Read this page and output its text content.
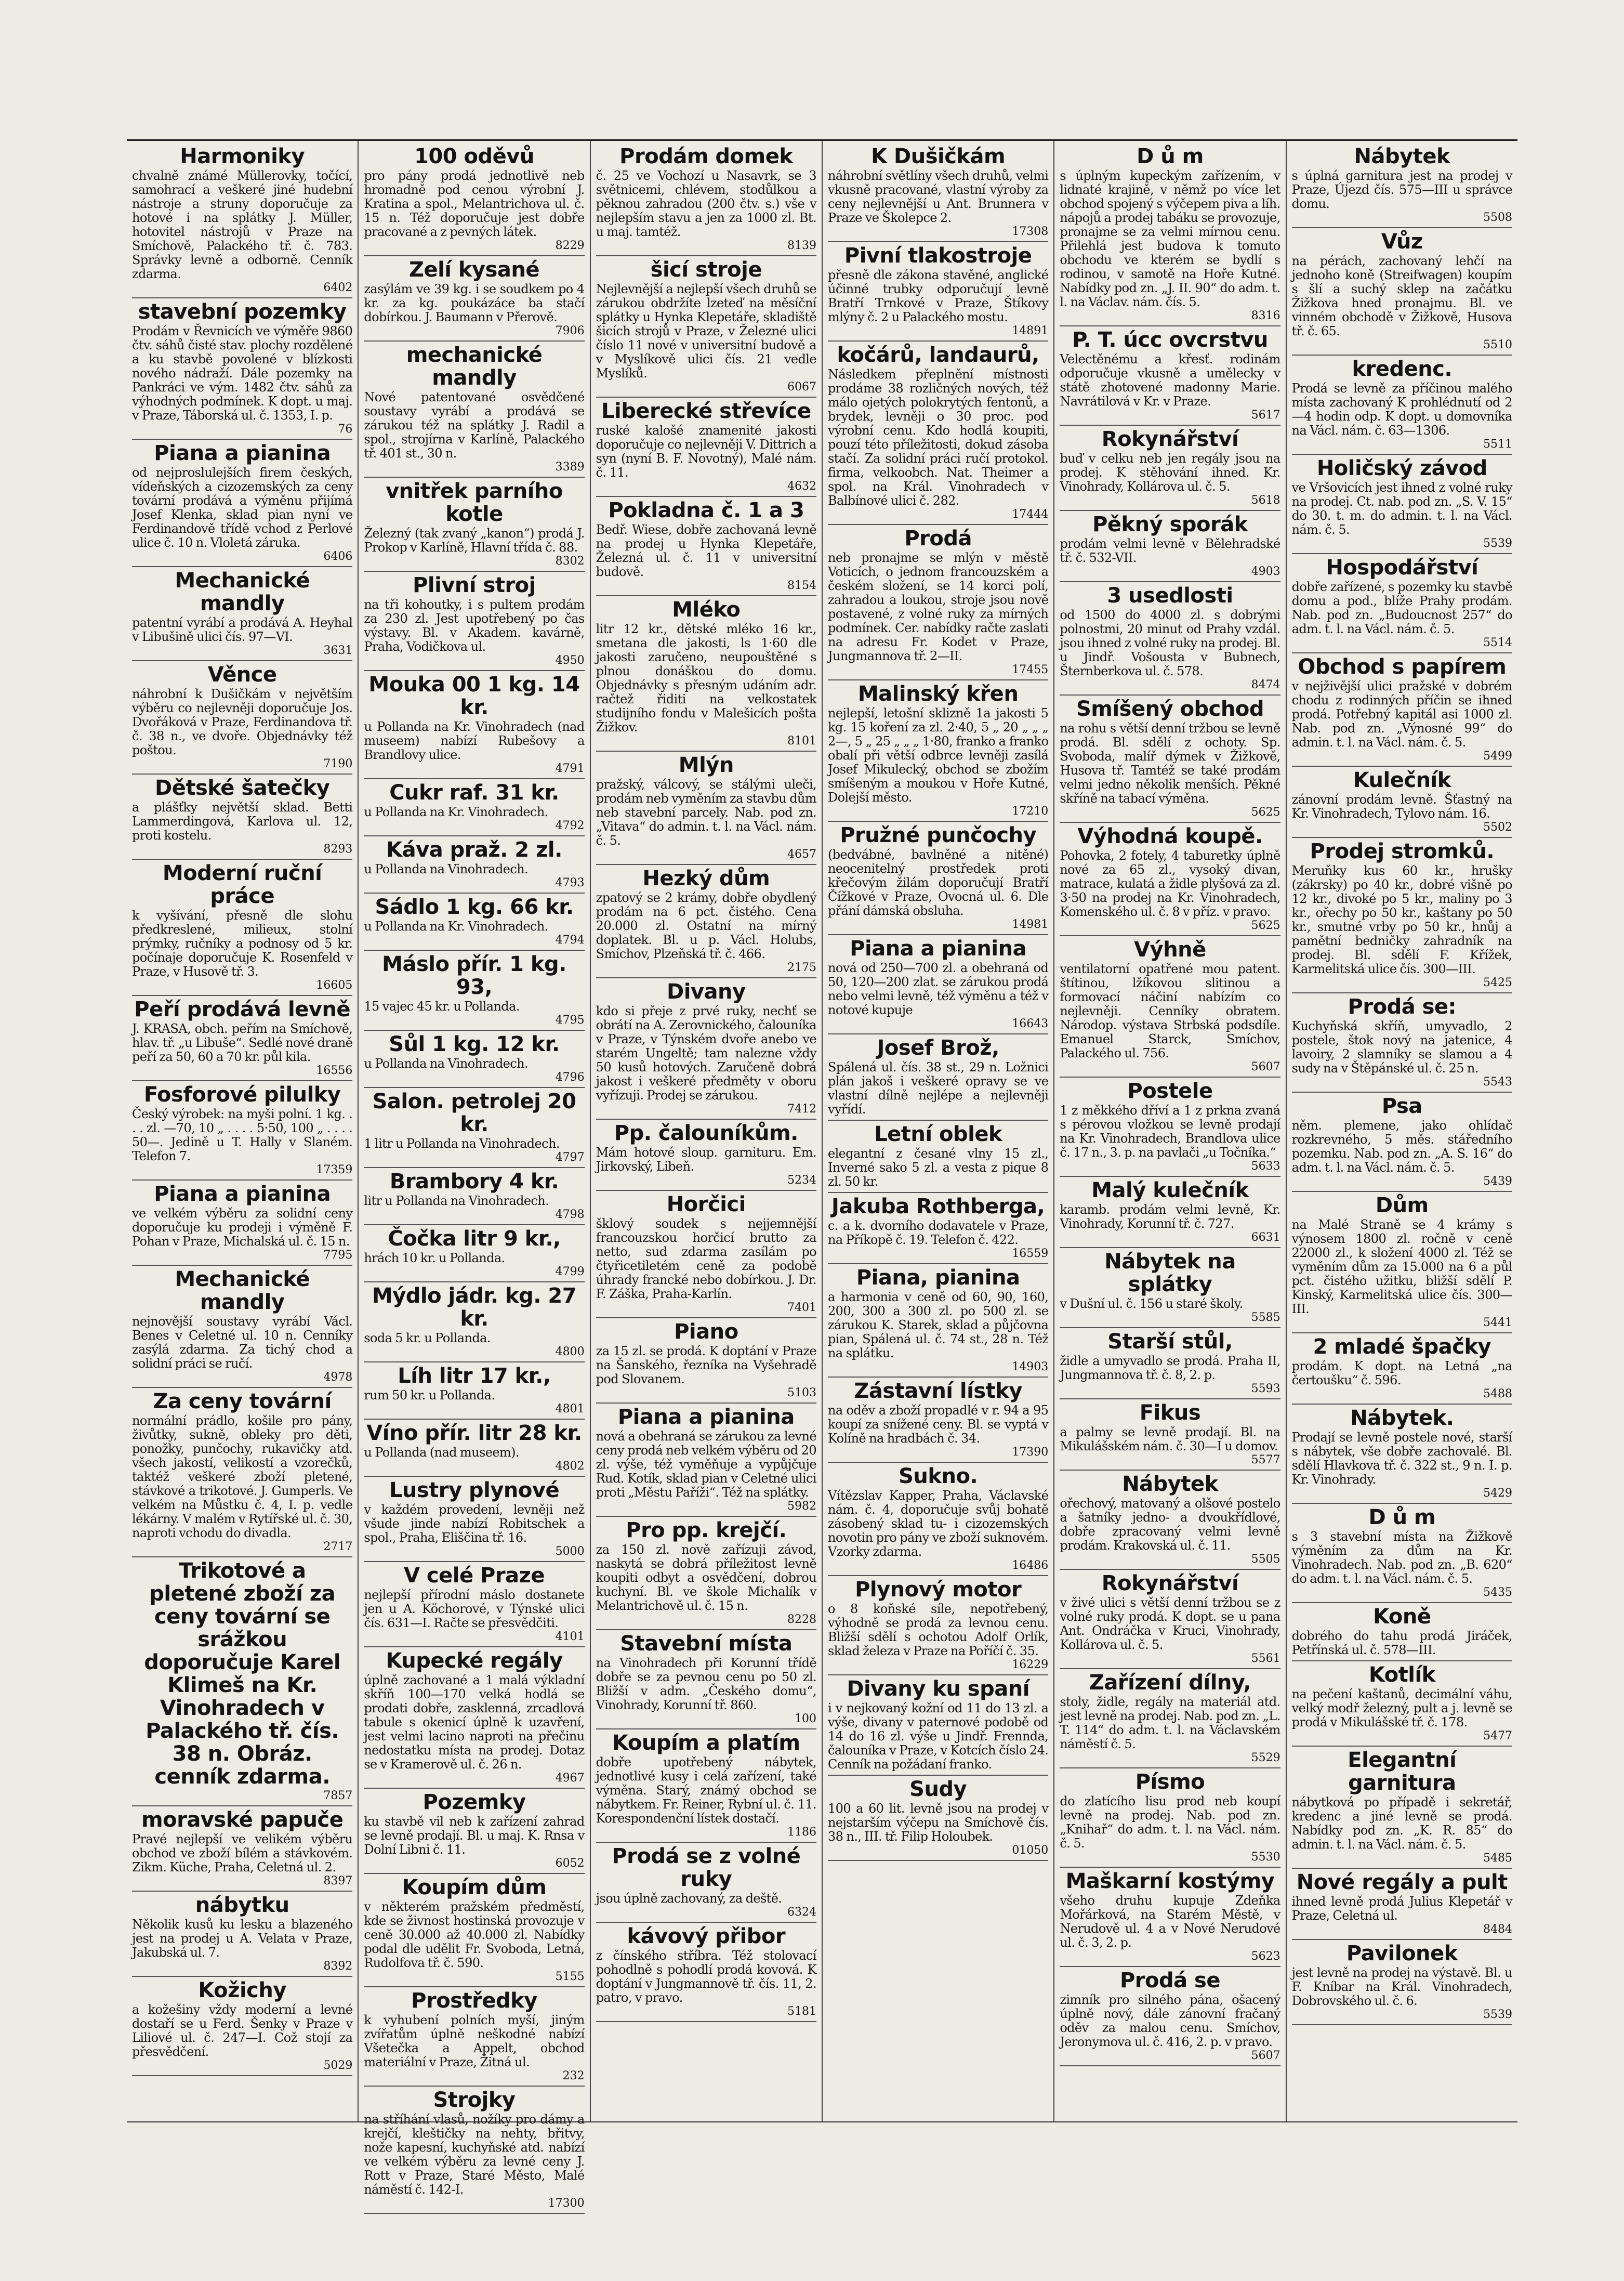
Harmoniky

chvalně známé Müllerovky, točící, samohrací a veškeré jiné hudební nástroje a struny doporučuje za hotové i na splátky J. Müller, hotovitel nástrojů v Praze na Smíchově, Palackého tř. č. 783. Správky levně a odborně. Cenník zdarma.

6402
stavební pozemky

Prodám v Řevnicích ve výměře 9860 čtv. sáhů čisté stav. plochy rozdělené a ku stavbě povolené v blízkosti nového nádraží. Dále pozemky na Pankráci ve vým. 1482 čtv. sáhů za výhodných podmínek. K dopt. u maj. v Praze, Táborská ul. č. 1353, I. p.

76
Piana a pianina

od nejproslulejších firem českých, vídeňských a cizozemských za ceny tovární prodává a výměnu přijímá Josef Klenka, sklad pian nyní ve Ferdinandově třídě vchod z Perlové ulice č. 10 n. Vloletá záruka.

6406
Mechanické mandly

patentní vyrábí a prodává A. Heyhal v Libušině ulici čís. 97—VI.

3631
Věnce

náhrobní k Dušičkám v největším výběru co nejlevněji doporučuje Jos. Dvořáková v Praze, Ferdinandova tř. č. 38 n., ve dvoře. Objednávky též poštou.

7190
Dětské šatečky

a plášťky největší sklad. Betti Lammerdingová, Karlova ul. 12, proti kostelu.

8293
Moderní ruční práce

k vyšívání, přesně dle slohu předkreslené, milieux, stolní prýmky, ručníky a podnosy od 5 kr. počínaje doporučuje K. Rosenfeld v Praze, v Husově tř. 3.

16605
Peří prodává levně

J. KRASA, obch. peřím na Smíchově, hlav. tř. „u Libuše“. Sedlé nové draně peří za 50, 60 a 70 kr. půl kila.

16556
Fosforové pilulky

Český výrobek: na myši polní. 1 kg. . . . zl. —70, 10 „ . . . . 5·50, 100 „ . . . . 50—. Jedině u T. Hally v Slaném. Telefon 7.

17359
Piana a pianina

ve velkém výběru za solidní ceny doporučuje ku prodeji i výměně F. Pohan v Praze, Michalská ul. č. 15 n.

7795
Mechanické mandly

nejnovější soustavy vyrábí Václ. Benes v Celetné ul. 10 n. Cenníky zasýlá zdarma. Za tichý chod a solidní práci se ručí.

4978
Za ceny tovární

normální prádlo, košile pro pány, živůtky, sukně, obleky pro děti, ponožky, punčochy, rukavičky atd. všech jakostí, velikostí a vzorečků, taktéž veškeré zboží pletené, stávkové a trikotové. J. Gumperls. Ve velkém na Můstku č. 4, I. p. vedle lékárny. V malém v Rytířské ul. č. 30, naproti vchodu do divadla.

2717
Trikotové a pletené zboží za ceny tovární se srážkou doporučuje Karel Klimeš na Kr. Vinohradech v Palackého tř. čís. 38 n. Obráz. cenník zdarma.

7857
moravské papuče

Pravé nejlepší ve velikém výběru obchod ve zboží bílém a stávkovém. Zikm. Küche, Praha, Celetná ul. 2.

8397
nábytku

Několik kusů ku lesku a blazeného jest na prodej u A. Velata v Praze, Jakubská ul. 7.

8392
Kožichy

a kožešiny vždy moderní a levné dostaří se u Ferd. Šenky v Praze v Liliové ul. č. 247—I. Což stojí za přesvědčení.

5029
100 oděvů

pro pány prodá jednotlivě neb hromadně pod cenou výrobní J. Kratina a spol., Melantrichova ul. č. 15 n. Též doporučuje jest dobře pracované a z pevných látek.

8229
Zelí kysané

zasýlám ve 39 kg. i se soudkem po 4 kr. za kg. poukázáce ba stačí dobírkou. J. Baumann v Přerově.

7906
mechanické mandly

Nové patentované osvědčené soustavy vyrábí a prodává se zárukou též na splátky J. Radil a spol., strojírna v Karlíně, Palackého tř. 401 st., 30 n.

3389
vnitřek parního kotle

Železný (tak zvaný „kanon“) prodá J. Prokop v Karlíně, Hlavní třída č. 88.

8302
Plivní stroj

na tři kohoutky, i s pultem prodám za 230 zl. Jest upotřebený po čas výstavy. Bl. v Akadem. kavárně, Praha, Vodičkova ul.

4950
Mouka 00 1 kg. 14 kr.

u Pollanda na Kr. Vinohradech (nad museem) nabízí Rubešovy a Brandlovy ulice.

4791
Cukr raf. 31 kr.

u Pollanda na Kr. Vinohradech.

4792
Káva praž. 2 zl.

u Pollanda na Vinohradech.

4793
Sádlo 1 kg. 66 kr.

u Pollanda na Kr. Vinohradech.

4794
Máslo přír. 1 kg. 93,

15 vajec 45 kr. u Pollanda.

4795
Sůl 1 kg. 12 kr.

u Pollanda na Vinohradech.

4796
Salon. petrolej 20 kr.

1 litr u Pollanda na Vinohradech.

4797
Brambory 4 kr.

litr u Pollanda na Vinohradech.

4798
Čočka litr 9 kr.,

hrách 10 kr. u Pollanda.

4799
Mýdlo jádr. kg. 27 kr.

soda 5 kr. u Pollanda.

4800
Líh litr 17 kr.,

rum 50 kr. u Pollanda.

4801
Víno přír. litr 28 kr.

u Pollanda (nad museem).

4802
Lustry plynové

v každém provedení, levněji než všude jinde nabízí Robitschek a spol., Praha, Eliščina tř. 16.

5000
V celé Praze

nejlepší přírodní máslo dostanete jen u A. Köchorové, v Týnské ulici čís. 631—I. Račte se přesvědčiti.

4101
Kupecké regály

úplně zachované a 1 malá výkladní skříň 100—170 velká hodlá se prodati dobře, zasklenná, zrcadlová tabule s okenicí úplně k uzavření, jest velmi lacino naproti na přečinu nedostatku místa na prodej. Dotaz se v Kramerově ul. č. 26 n.

4967
Pozemky

ku stavbě vil neb k zařízení zahrad se levně prodají. Bl. u maj. K. Rnsa v Dolní Libni č. 11.

6052
Koupím dům

v některém pražském předměstí, kde se živnost hostinská provozuje v ceně 30.000 až 40.000 zl. Nabídky podal dle udělit Fr. Svoboda, Letná, Rudolfova tř. č. 590.

5155
Prostředky

k vyhubení polních myší, jiným zvířatům úplně neškodné nabízí Všetečka a Appelt, obchod materiální v Praze, Žitná ul.

232
Strojky

na stříhání vlasů, nožíky pro dámy a krejčí, kleštičky na nehty, břitvy, nože kapesní, kuchyňské atd. nabízí ve velkém výběru za levné ceny J. Rott v Praze, Staré Město, Malé náměstí č. 142-I.

17300
Prodám domek

č. 25 ve Vochozí u Nasavrk, se 3 světnicemi, chlévem, stodůlkou a pěknou zahradou (200 čtv. s.) vše v nejlepším stavu a jen za 1000 zl. Bt. u maj. tamtéž.

8139
šicí stroje

Nejlevnější a nejlepší všech druhů se zárukou obdržíte lzeteď na měsíční splátky u Hynka Klepetáře, skladiště šicích strojů v Praze, v Železné ulici číslo 11 nové v universitní budově a v Myslíkově ulici čís. 21 vedle Myslíků.

6067
Liberecké střevíce

ruské kalošé znamenité jakosti doporučuje co nejlevněji V. Dittrich a syn (nyní B. F. Novotný), Malé nám. č. 11.

4632
Pokladna č. 1 a 3

Bedř. Wiese, dobře zachovaná levně na prodej u Hynka Klepetáře, Železná ul. č. 11 v universitní budově.

8154
Mléko

litr 12 kr., dětské mléko 16 kr., smetana dle jakosti, ls 1·60 dle jakosti zaručeno, neupouštěné s plnou donáškou do domu. Objednávky s přesným udáním adr. račtež řiditi na velkostatek studijního fondu v Malešicích pošta Žižkov.

8101
Mlýn

pražský, válcový, se stálými uleči, prodám neb vyměním za stavbu dům neb stavební parcely. Nab. pod zn. „Vitava“ do admin. t. l. na Václ. nám. č. 5.

4657
Hezký dům

zpatový se 2 krámy, dobře obydlený prodám na 6 pct. čistého. Cena 20.000 zl. Ostatní na mírný doplatek. Bl. u p. Václ. Holubs, Smíchov, Plzeňská tř. č. 466.

2175
Divany

kdo si přeje z prvé ruky, nechť se obrátí na A. Zerovnického, čalouníka v Praze, v Týnském dvoře anebo ve starém Ungeltě; tam nalezne vždy 50 kusů hotových. Zaručeně dobrá jakost i veškeré předměty v oboru vyřízuji. Prodej se zárukou.

7412
Pp. čalouníkům.

Mám hotové sloup. garnituru. Em. Jirkovský, Libeň.

5234
Horčici

šklový soudek s nejjemnější francouzskou horčicí brutto za netto, sud zdarma zasílám po čtyřicetiletém ceně za podobě úhrady francké nebo dobírkou. J. Dr. F. Záška, Praha-Karlín.

7401
Piano

za 15 zl. se prodá. K doptání v Praze na Šanského, řezníka na Vyšehradě pod Slovanem.

5103
Piana a pianina

nová a obehraná se zárukou za levné ceny prodá neb velkém výběru od 20 zl. výše, též vyměňuje a vypůjčuje Rud. Kotík, sklad pian v Celetné ulici proti „Městu Paříži“. Též na splátky.

5982
Pro pp. krejčí.

za 150 zl. nově zařízuji závod, naskytá se dobrá příležitost levně koupiti odbyt a osvědčení, dobrou kuchyní. Bl. ve škole Michalík v Melantrichově ul. č. 15 n.

8228
Stavební místa

na Vinohradech při Korunní třídě dobře se za pevnou cenu po 50 zl. Bližší v adm. „Českého domu“, Vinohrady, Korunní tř. 860.

100
Koupím a platím

dobře upotřebený nábytek, jednotlivé kusy i celá zařízení, také výměna. Starý, známý obchod se nábytkem. Fr. Reiner, Rybní ul. č. 11. Korespondenční lístek dostačí.

1186
Prodá se z volné ruky

jsou úplně zachovaný, za deště.

6324
kávový přibor

z čínského stříbra. Též stolovací pohodlně s pohodlí prodá kovová. K doptání v Jungmannově tř. čís. 11, 2. patro, v pravo.

5181
K Dušičkám

náhrobní světlíny všech druhů, velmi vkusně pracované, vlastní výroby za ceny nejlevnější u Ant. Brunnera v Praze ve Školepce 2.

17308
Pivní tlakostroje

přesně dle zákona stavěné, anglické účinné trubky odporučují levně Bratří Trnkové v Praze, Štíkovy mlýny č. 2 u Palackého mostu.

14891
kočárů, landaurů,

Následkem přeplnění místnosti prodáme 38 rozličných nových, též málo ojetých polokrytých fentonů, a brydek, levněji o 30 proc. pod výrobní cenu. Kdo hodlá koupiti, pouzí této příležitosti, dokud zásoba stačí. Za solidní práci ručí protokol. firma, velkoobch. Nat. Theimer a spol. na Král. Vinohradech v Balbínové ulici č. 282.

17444
Prodá

neb pronajme se mlýn v městě Voticích, o jednom francouzském a českém složení, se 14 korci polí, zahradou a loukou, stroje jsou nově postavené, z volné ruky za mírných podmínek. Cer. nabídky račte zaslati na adresu Fr. Kodet v Praze, Jungmannova tř. 2—II.

17455
Malinský křen

nejlepší, letošní sklizně 1a jakosti 5 kg. 15 koření za zl. 2·40, 5 „ 20 „ „ „ 2—, 5 „ 25 „ „ „ 1·80, franko a franko obalí při větší odbrce levněji zasílá Josef Mikulecký, obchod se zbožím smíšeným a moukou v Hoře Kutné, Dolejší město.

17210
Pružné punčochy

(bedvábné, bavlněné a nitěné) neocenitelný prostředek proti křečovým žilám doporučují Bratří Čížkové v Praze, Ovocná ul. 6. Dle přání dámská obsluha.

14981
Piana a pianina

nová od 250—700 zl. a obehraná od 50, 120—200 zlat. se zárukou prodá nebo velmi levně, též výměnu a též v notové kupuje

16643
Josef Brož,

Spálená ul. čís. 38 st., 29 n. Ložnici plán jakoš i veškeré opravy se ve vlastní dílně nejlépe a nejlevněji vyřídí.

Letní oblek

elegantní z česané vlny 15 zl., Inverné sako 5 zl. a vesta z pique 8 zl. 50 kr.

Jakuba Rothberga,

c. a k. dvorního dodavatele v Praze, na Příkopě č. 19. Telefon č. 422.

16559
Piana, pianina

a harmonia v ceně od 60, 90, 160, 200, 300 a 300 zl. po 500 zl. se zárukou K. Starek, sklad a půjčovna pian, Spálená ul. č. 74 st., 28 n. Též na splátku.

14903
Zástavní lístky

na oděv a zboží propadlé v r. 94 a 95 koupí za snížené ceny. Bl. se vyptá v Kolíně na hradbách č. 34.

17390
Sukno.

Vítězslav Kapper, Praha, Václavské nám. č. 4, doporučuje svůj bohatě zásobený sklad tu- i cizozemských novotin pro pány ve zboží suknovém. Vzorky zdarma.

16486
Plynový motor

o 8 koňské síle, nepotřebený, výhodně se prodá za levnou cenu. Bližší sdělí s ochotou Adolf Orlík, sklad železa v Praze na Poříčí č. 35.

16229
Divany ku spaní

i v nejkovaný kožní od 11 do 13 zl. a výše, divany v paternové podobě od 14 do 16 zl. výše u Jindř. Frenndа, čalouníka v Praze, v Kotcích číslo 24. Cenník na požádaní franko.

Sudy

100 a 60 lit. levně jsou na prodej v nejstarším výčepu na Smíchově čís. 38 n., III. tř. Filip Holoubek.

01050
D ů m

s úplným kupeckým zařízením, v lidnaté krajině, v němž po více let obchod spojený s výčepem piva a líh. nápojů a prodej tabáku se provozuje, pronajme se za velmi mírnou cenu. Přilehlá jest budova k tomuto obchodu ve kterém se bydlí s rodinou, v samotě na Hoře Kutné. Nabídky pod zn. „J. II. 90“ do adm. t. l. na Václav. nám. čís. 5.

8316
P. T. úcc ovcrstvu

Velectěnému a křesť. rodinám odporučuje vkusně a umělecky v státě zhotovené madonny Marie. Navrátilová v Kr. v Praze.

5617
Rokynářství

buď v celku neb jen regály jsou na prodej. K stěhování ihned. Kr. Vinohrady, Kollárova ul. č. 5.

5618
Pěkný sporák

prodám velmi levně v Bělehradské tř. č. 532-VII.

4903
3 usedlosti

od 1500 do 4000 zl. s dobrými polnostmi, 20 minut od Prahy vzdál. jsou ihned z volné ruky na prodej. Bl. u Jindř. Vošousta v Bubnech, Šternberkova ul. č. 578.

8474
Smíšený obchod

na rohu s větší denní tržbou se levně prodá. Bl. sdělí z ochoty. Sp. Svoboda, malíř dýmek v Žižkově, Husova tř. Tamtéž se také prodám velmi jedno několik menších. Pěkné skříně na tabací výměna.

5625
Výhodná koupě.

Pohovka, 2 fotely, 4 taburetky úplně nové za 65 zl., vysoký divan, matrace, kulatá a židle plyšová za zl. 3·50 na prodej na Kr. Vinohradech, Komenského ul. č. 8 v příz. v pravo.

5625
Výhně

ventilatorní opatřené mou patent. štítinou, lžíkovou slitinou a formovací náčiní nabízím co nejlevněji. Cenníky obratem. Národop. výstava Strbská podsdíle. Emanuel Starck, Smíchov, Palackého ul. 756.

5607
Postele

1 z měkkého dříví a 1 z prkna zvaná s pérovou vložkou se levně prodají na Kr. Vinohradech, Brandlova ulice č. 17 n., 3. p. na pavlači „u Točníka.“

5633
Malý kulečník

karamb. prodám velmi levně, Kr. Vinohrady, Korunní tř. č. 727.

6631
Nábytek na splátky

v Dušní ul. č. 156 u staré školy.

5585
Starší stůl,

židle a umyvadlo se prodá. Praha II, Jungmannova tř. č. 8, 2. p.

5593
Fikus

a palmy se levně prodají. Bl. na Mikulášském nám. č. 30—I u domov.

5577
Nábytek

ořechový, matovaný a olšové postelo a šatníky jedno- a dvoukřídlové, dobře zpracovaný velmi levně prodám. Krakovská ul. č. 11.

5505
Rokynářství

v živé ulici s větší denní tržbou se z volné ruky prodá. K dopt. se u pana Ant. Ondráčka v Kruci, Vinohrady, Kollárova ul. č. 5.

5561
Zařízení dílny,

stoly, židle, regály na materiál atd. jest levně na prodej. Nab. pod zn. „L. T. 114“ do adm. t. l. na Václavském náměstí č. 5.

5529
Písmo

do zlatícího lisu prod neb koupí levně na prodej. Nab. pod zn. „Knihař“ do adm. t. l. na Václ. nám. č. 5.

5530
Maškarní kostýmy

všeho druhu kupuje Zdeňka Mořárková, na Starém Městě, v Nerudově ul. 4 a v Nové Nerudové ul. č. 3, 2. p.

5623
Prodá se

zimník pro silného pána, ošacený úplně nový, dále zánovní fračaný oděv za malou cenu. Smíchov, Jeronymova ul. č. 416, 2. p. v pravo.

5607
Nábytek

s úplná garnitura jest na prodej v Praze, Újezd čís. 575—III u správce domu.

5508
Vůz

na pérách, zachovaný lehčí na jednoho koně (Streifwagen) koupím s šlí a suchý sklep na začátku Žižkova hned pronajmu. Bl. ve vinném obchodě v Žižkově, Husova tř. č. 65.

5510
kredenc.

Prodá se levně za příčinou malého místa zachovaný K prohlédnutí od 2—4 hodin odp. K dopt. u domovníka na Václ. nám. č. 63—1306.

5511
Holičský závod

ve Vršovicích jest ihned z volné ruky na prodej. Ct. nab. pod zn. „S. V. 15“ do 30. t. m. do admin. t. l. na Václ. nám. č. 5.

5539
Hospodářství

dobře zařízené, s pozemky ku stavbě domu a pod., blíže Prahy prodám. Nab. pod zn. „Budoucnost 257“ do adm. t. l. na Václ. nám. č. 5.

5514
Obchod s papírem

v nejživější ulici pražské v dobrém chodu z rodinných příčin se ihned prodá. Potřebný kapitál asi 1000 zl. Nab. pod zn. „Výnosné 99“ do admin. t. l. na Václ. nám. č. 5.

5499
Kulečník

zánovní prodám levně. Šťastný na Kr. Vinohradech, Tylovo nám. 16.

5502
Prodej stromků.

Meruňky kus 60 kr., hrušky (zákrsky) po 40 kr., dobré višně po 12 kr., divoké po 5 kr., maliny po 3 kr., ořechy po 50 kr., kaštany po 50 kr., smutné vrby po 50 kr., hnůj a pamětní bedničky zahradník na prodej. Bl. sdělí F. Křížek, Karmelitská ulice čís. 300—III.

5425
Prodá se:

Kuchyňská skříň, umyvadlo, 2 postele, štok nový na jatenice, 4 lavoiry, 2 slamníky se slamou a 4 sudy na v Štěpánské ul. č. 25 n.

5543
Psa

něm. plemene, jako ohlídač rozkrevného, 5 měs. stáředního pozemku. Nab. pod zn. „A. S. 16“ do adm. t. l. na Václ. nám. č. 5.

5439
Dům

na Malé Straně se 4 krámy s výnosem 1800 zl. ročně v ceně 22000 zl., k složení 4000 zl. Též se vyměním dům za 15.000 na 6 a půl pct. čistého užitku, bližší sdělí P. Kinský, Karmelitská ulice čís. 300—III.

5441
2 mladé špačky

prodám. K dopt. na Letná „na čertoušku“ č. 596.

5488
Nábytek.

Prodají se levně postele nové, starší s nábytek, vše dobře zachovalé. Bl. sdělí Hlavkova tř. č. 322 st., 9 n. I. p. Kr. Vinohrady.

5429
D ů m

s 3 stavební místa na Žižkově výměním za dům na Kr. Vinohradech. Nab. pod zn. „B. 620“ do adm. t. l. na Václ. nám. č. 5.

5435
Koně

dobrého do tahu prodá Jiráček, Petřínská ul. č. 578—III.

Kotlík

na pečení kaštanů, decimální váhu, velký modř železný, pult a j. levně se prodá v Mikulášské tř. č. 178.

5477
Elegantní garnitura

nábytková po případě i sekretář, kredenc a jiné levně se prodá. Nabídky pod zn. „K. R. 85“ do admin. t. l. na Václ. nám. č. 5.

5485
Nové regály a pult

ihned levně prodá Julius Klepetář v Praze, Celetná ul.

8484
Pavilonek

jest levně na prodej na výstavě. Bl. u F. Kníbar na Král. Vinohradech, Dobrovského ul. č. 6.

5539
